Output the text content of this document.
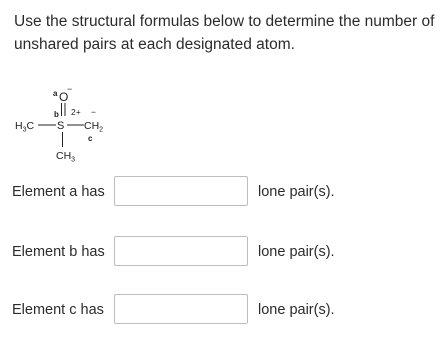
Use the structural formulas below to determine the number of unshared pairs at each designated atom.

a O
−
b 2+ −
$H_3C$ S $CH_2$
c
$CH_3$

Element a has	lone pair(s).

Element b has	lone pair(s).

Element c has	lone pair(s).
